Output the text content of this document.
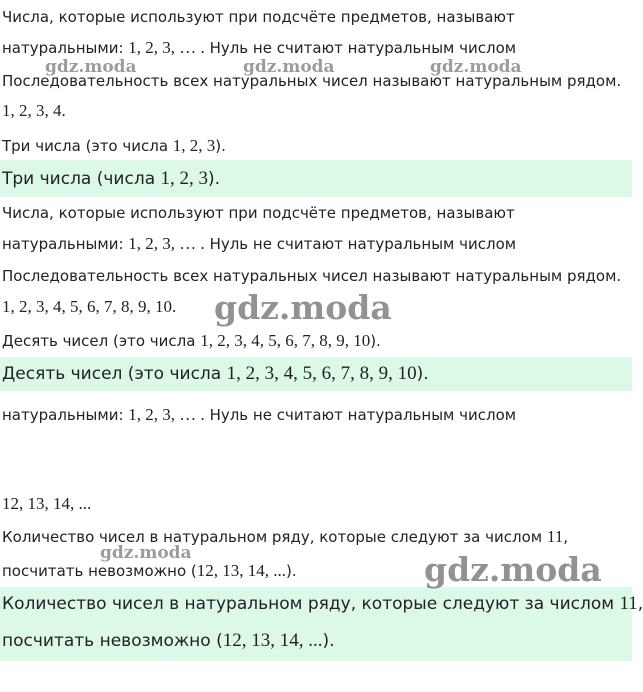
Числа, которые используют при подсчёте предметов, называют
натуральными: 1, 2, 3, … . Нуль не считают натуральным числом
Последовательность всех натуральных чисел называют натуральным рядом.
1, 2, 3, 4.
Три числа (это числа 1, 2, 3).
Три числа (числа 1, 2, 3).
Числа, которые используют при подсчёте предметов, называют
натуральными: 1, 2, 3, … . Нуль не считают натуральным числом
Последовательность всех натуральных чисел называют натуральным рядом.
1, 2, 3, 4, 5, 6, 7, 8, 9, 10.
Десять чисел (это числа 1, 2, 3, 4, 5, 6, 7, 8, 9, 10).
Десять чисел (это числа 1, 2, 3, 4, 5, 6, 7, 8, 9, 10).
натуральными: 1, 2, 3, … . Нуль не считают натуральным числом
12, 13, 14, ...
Количество чисел в натуральном ряду, которые следуют за числом 11,
посчитать невозможно (12, 13, 14, ...).
Количество чисел в натуральном ряду, которые следуют за числом 11,
посчитать невозможно (12, 13, 14, ...).
gdz.moda	gdz.moda	gdz.moda
gdz.moda
gdz.moda	gdz.moda
